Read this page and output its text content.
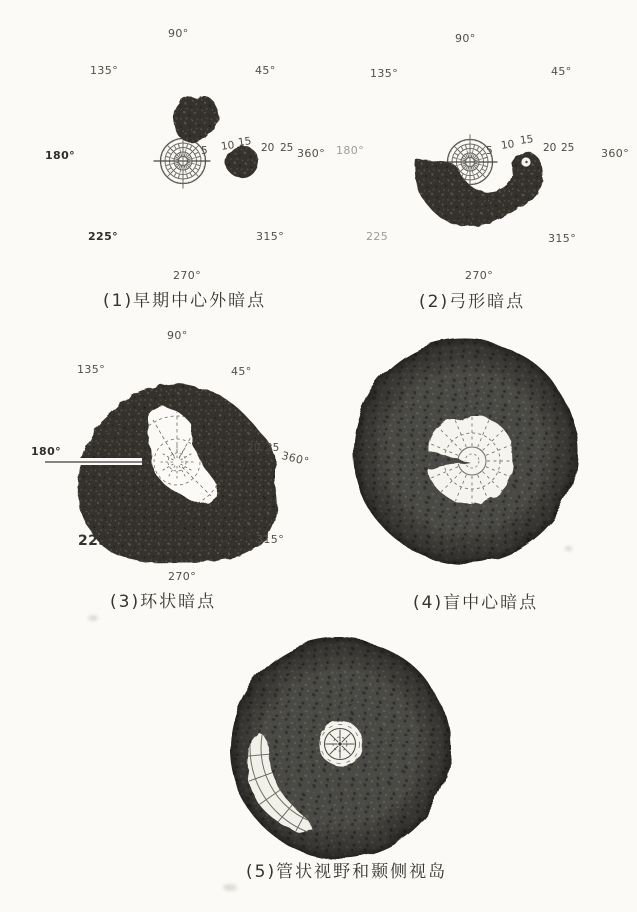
90°
135°	45°
180°	360°
225°	315°
270°
5 10 15 20 25
90°
135°	45°
180°	360°
225	315°
270°
5 10 15
20 25
90°
135°	45°
180°	360°
225	315°
270°
20 25
(1)早期中心外暗点	(2)弓形暗点
(3)环状暗点	(4)盲中心暗点
(5)管状视野和颞侧视岛
